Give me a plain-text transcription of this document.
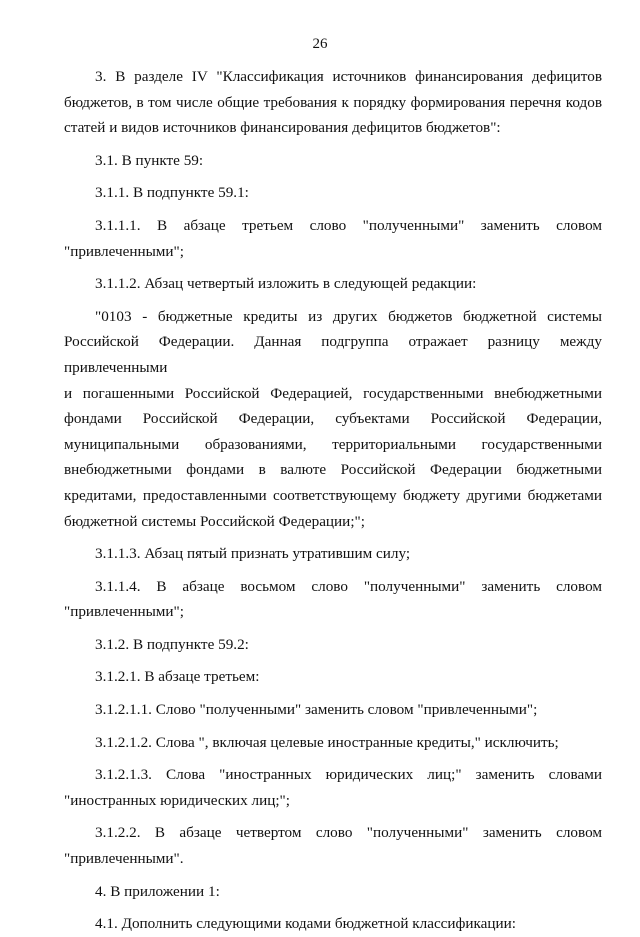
26
3. В разделе IV "Классификация источников финансирования дефицитов
бюджетов, в том числе общие требования к порядку формирования перечня кодов
статей и видов источников финансирования дефицитов бюджетов":
3.1. В пункте 59:
3.1.1. В подпункте 59.1:
3.1.1.1. В абзаце третьем слово "полученными" заменить словом
"привлеченными";
3.1.1.2. Абзац четвертый изложить в следующей редакции:
"0103 - бюджетные кредиты из других бюджетов бюджетной системы
Российской Федерации. Данная подгруппа отражает разницу между привлеченными
и погашенными Российской Федерацией, государственными внебюджетными
фондами Российской Федерации, субъектами Российской Федерации,
муниципальными образованиями, территориальными государственными
внебюджетными фондами в валюте Российской Федерации бюджетными
кредитами, предоставленными соответствующему бюджету другими бюджетами
бюджетной системы Российской Федерации;";
3.1.1.3. Абзац пятый признать утратившим силу;
3.1.1.4. В абзаце восьмом слово "полученными" заменить словом
"привлеченными";
3.1.2. В подпункте 59.2:
3.1.2.1. В абзаце третьем:
3.1.2.1.1. Слово "полученными" заменить словом "привлеченными";
3.1.2.1.2. Слова ", включая целевые иностранные кредиты," исключить;
3.1.2.1.3. Слова "иностранных юридических лиц;" заменить словами
"иностранных юридических лиц;";
3.1.2.2. В абзаце четвертом слово "полученными" заменить словом
"привлеченными".
4. В приложении 1:
4.1. Дополнить следующими кодами бюджетной классификации:
